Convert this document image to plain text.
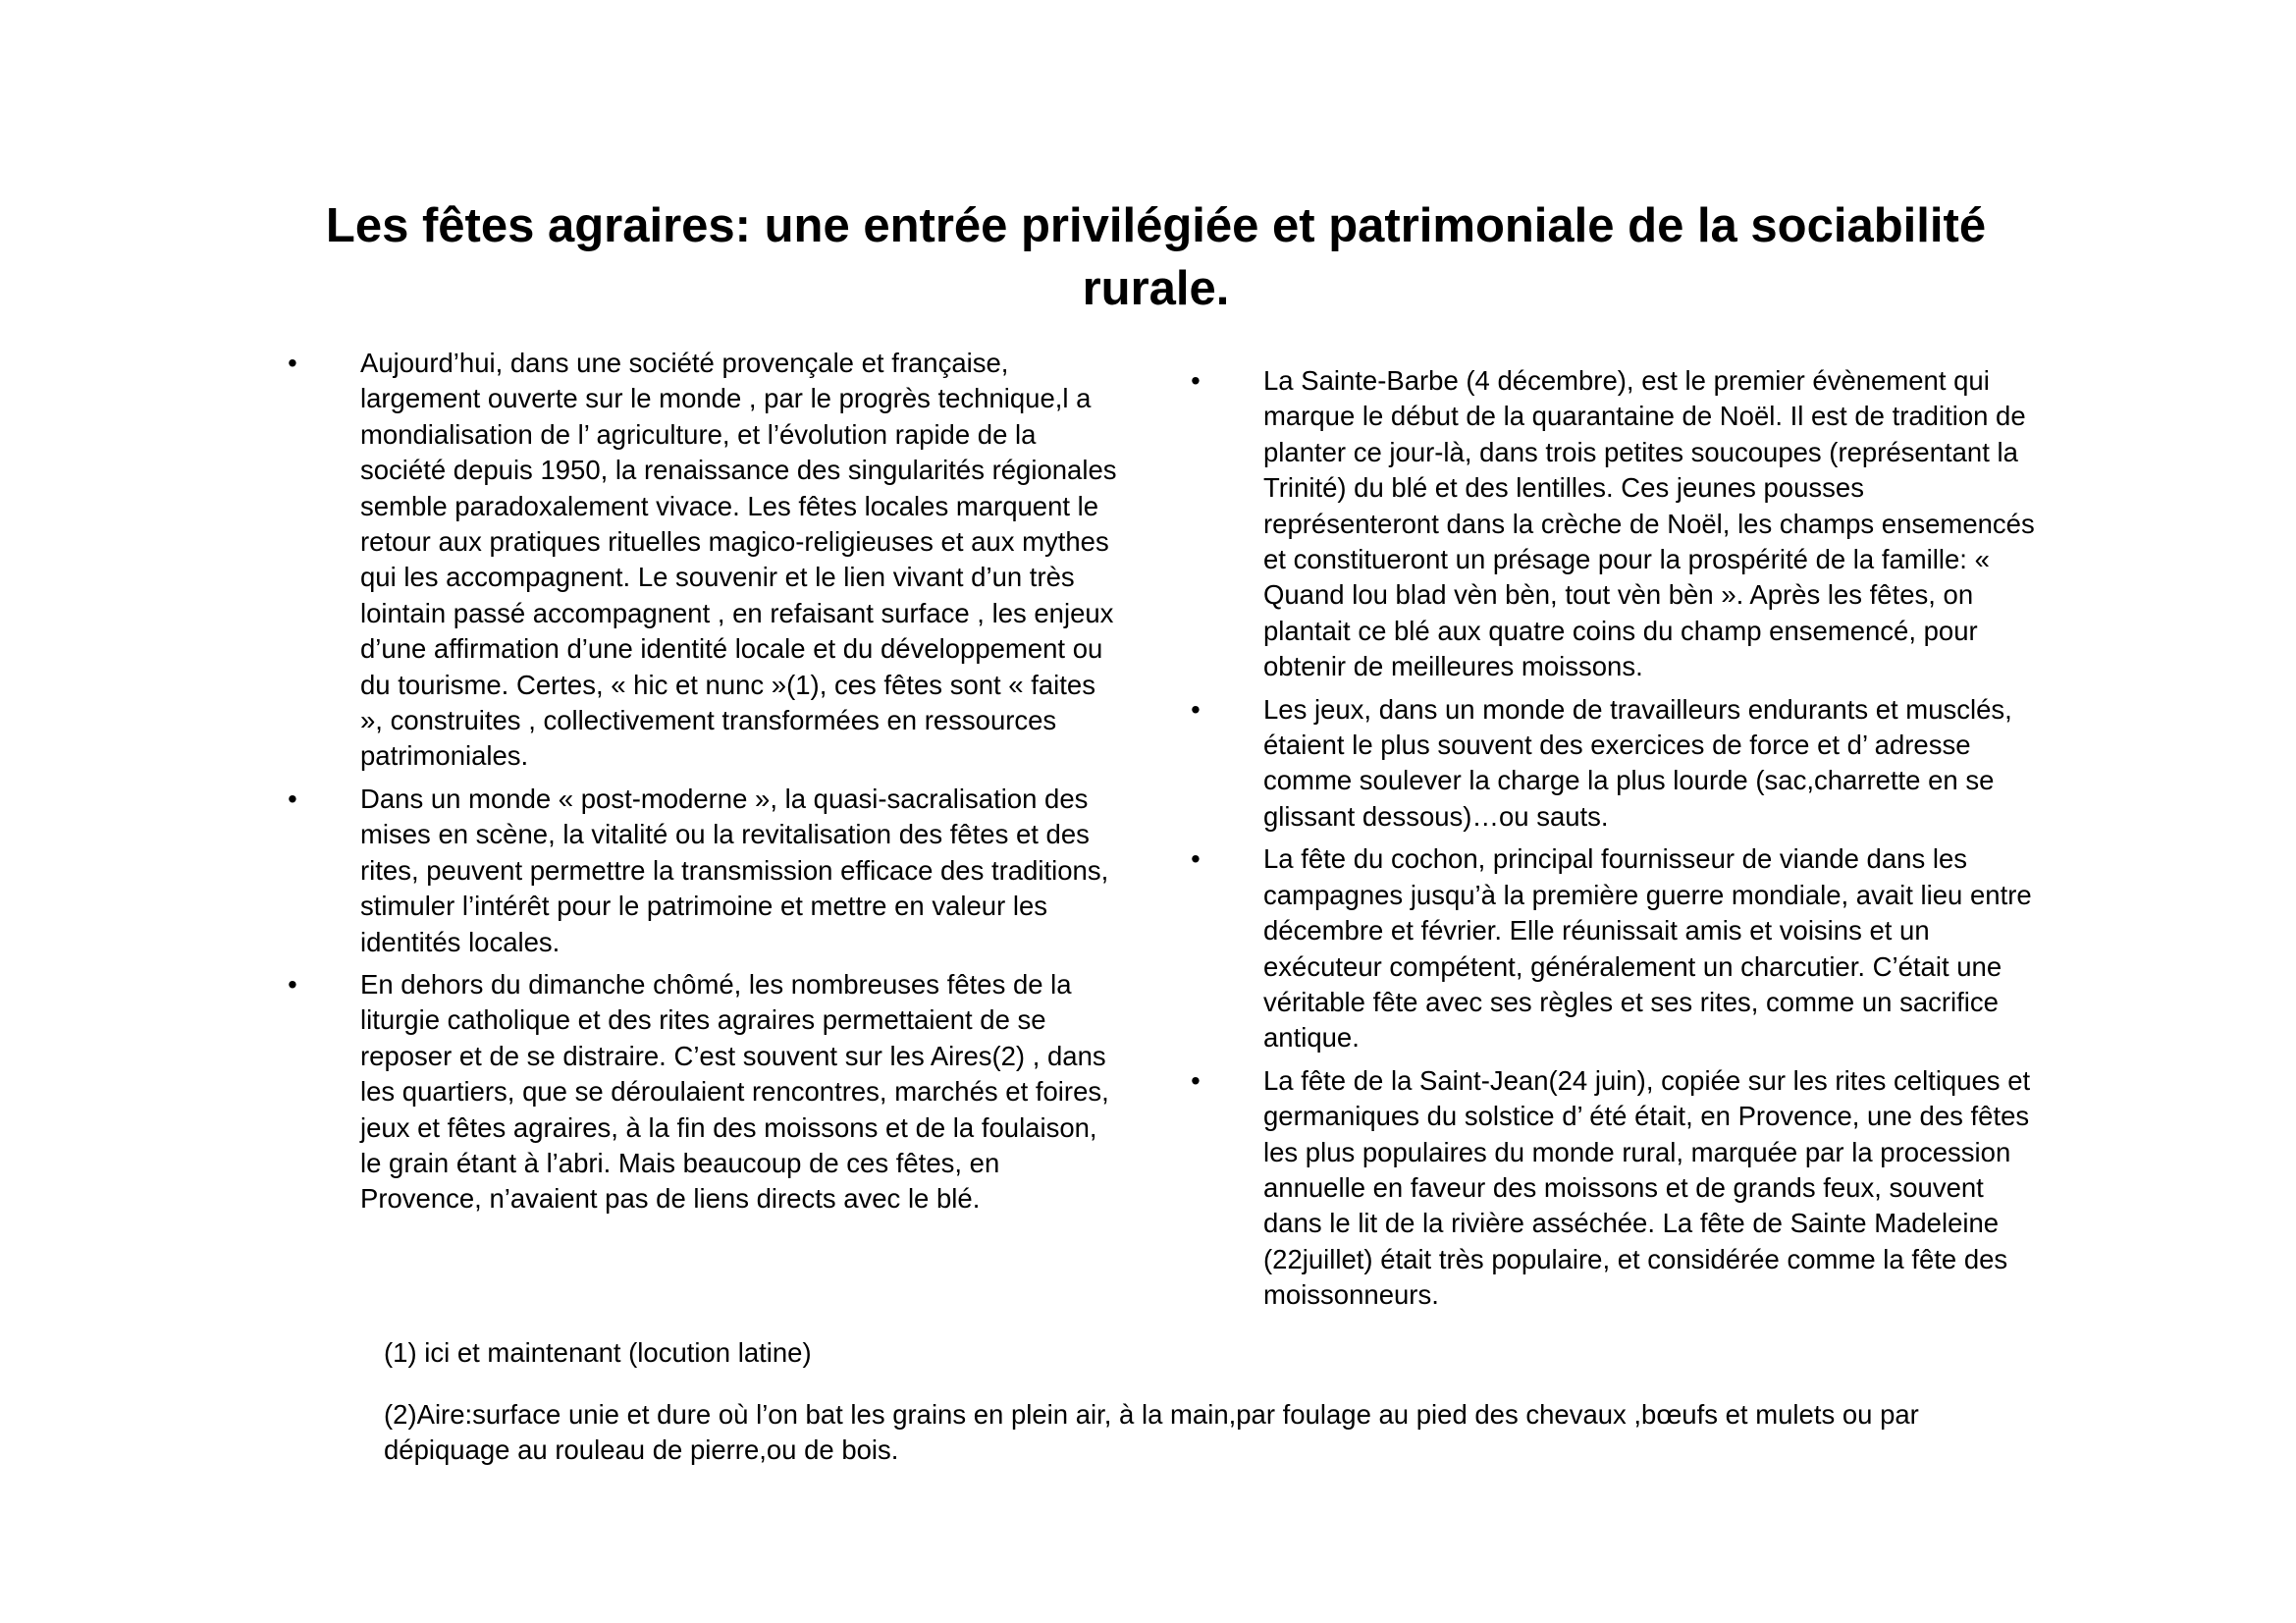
Les fêtes agraires: une entrée privilégiée et patrimoniale de la sociabilité rurale.
• Aujourd’hui, dans une société provençale et française, largement ouverte sur le monde , par le progrès technique,l a mondialisation de l’ agriculture, et l’évolution rapide de la société depuis 1950, la renaissance des singularités régionales semble paradoxalement vivace. Les fêtes locales marquent le retour aux pratiques rituelles magico-religieuses et aux mythes qui les accompagnent. Le souvenir et le lien vivant d’un très lointain passé accompagnent , en refaisant surface , les enjeux d’une affirmation d’une identité locale et du développement ou du tourisme. Certes, « hic et nunc »(1), ces fêtes sont « faites », construites , collectivement transformées en ressources patrimoniales.
• Dans un monde « post-moderne », la quasi-sacralisation des mises en scène, la vitalité ou la revitalisation des fêtes et des rites, peuvent permettre la transmission efficace des traditions, stimuler l’intérêt pour le patrimoine et mettre en valeur les identités locales.
• En dehors du dimanche chômé, les nombreuses fêtes de la liturgie catholique et des rites agraires permettaient de se reposer et de se distraire. C’est souvent sur les Aires(2) , dans les quartiers, que se déroulaient rencontres, marchés et foires, jeux et fêtes agraires, à la fin des moissons et de la foulaison, le grain étant à l’abri. Mais beaucoup de ces fêtes, en Provence, n’avaient pas de liens directs avec le blé.
• La Sainte-Barbe (4 décembre), est le premier évènement qui marque le début de la quarantaine de Noël. Il est de tradition de planter ce jour-là, dans trois petites soucoupes (représentant la Trinité) du blé et des lentilles. Ces jeunes pousses représenteront dans la crèche de Noël, les champs ensemencés et constitueront un présage pour la prospérité de la famille: « Quand lou blad vèn bèn, tout vèn bèn ». Après les fêtes, on plantait ce blé aux quatre coins du champ ensemencé, pour obtenir de meilleures moissons.
• Les jeux, dans un monde de travailleurs endurants et musclés, étaient le plus souvent des exercices de force et d’ adresse comme soulever la charge la plus lourde (sac,charrette en se glissant dessous)…ou sauts.
• La fête du cochon, principal fournisseur de viande dans les campagnes jusqu’à la première guerre mondiale, avait lieu entre décembre et février. Elle réunissait amis et voisins et un exécuteur compétent, généralement un charcutier. C’était une véritable fête avec ses règles et ses rites, comme un sacrifice antique.
• La fête de la Saint-Jean(24 juin), copiée sur les rites celtiques et germaniques du solstice d’ été était, en Provence, une des fêtes les plus populaires du monde rural, marquée par la procession annuelle en faveur des moissons et de grands feux, souvent dans le lit de la rivière asséchée. La fête de Sainte Madeleine (22juillet) était très populaire, et considérée comme la fête des moissonneurs.

(1) ici et maintenant (locution latine)

(2)Aire:surface unie et dure où l’on bat les grains en plein air, à la main,par foulage au pied des chevaux ,bœufs et mulets ou par dépiquage au rouleau de pierre,ou de bois.
